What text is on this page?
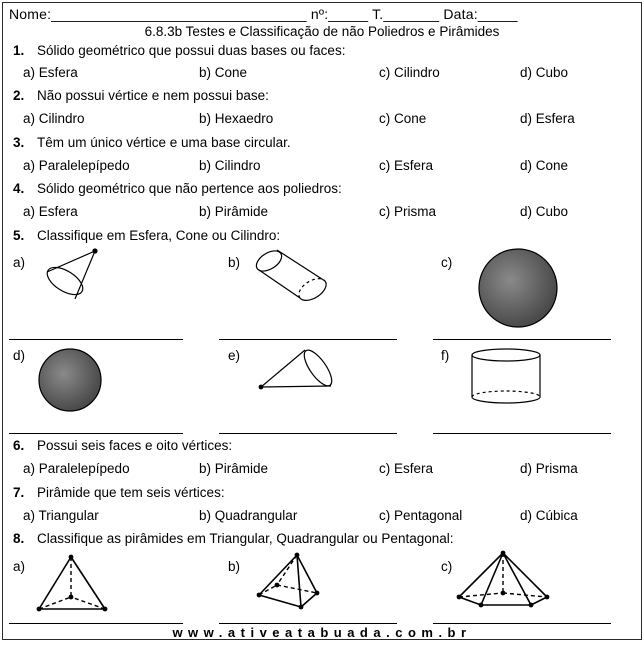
Nome:________________________________ nº:_____ T._______ Data:_____
6.8.3b Testes e Classificação de não Poliedros e Pirâmides
1. Sólido geométrico que possui duas bases ou faces:
a) Esfera	b) Cone	c) Cilindro	d) Cubo
2. Não possui vértice e nem possui base:
a) Cilindro	b) Hexaedro	c) Cone	d) Esfera
3. Têm um único vértice e uma base circular.
a) Paralelepípedo	b) Cilindro	c) Esfera	d) Cone
4. Sólido geométrico que não pertence aos poliedros:
a) Esfera	b) Pirâmide	c) Prisma	d) Cubo
5. Classifique em Esfera, Cone ou Cilindro:
a)	b)	c)
d)	e)	f)
6. Possui seis faces e oito vértices:
a) Paralelepípedo	b) Pirâmide	c) Esfera	d) Prisma
7. Pirâmide que tem seis vértices:
a) Triangular	b) Quadrangular	c) Pentagonal	d) Cúbica
8. Classifique as pirâmides em Triangular, Quadrangular ou Pentagonal:
a)	b)	c)
www.ativeatabuada.com.br
